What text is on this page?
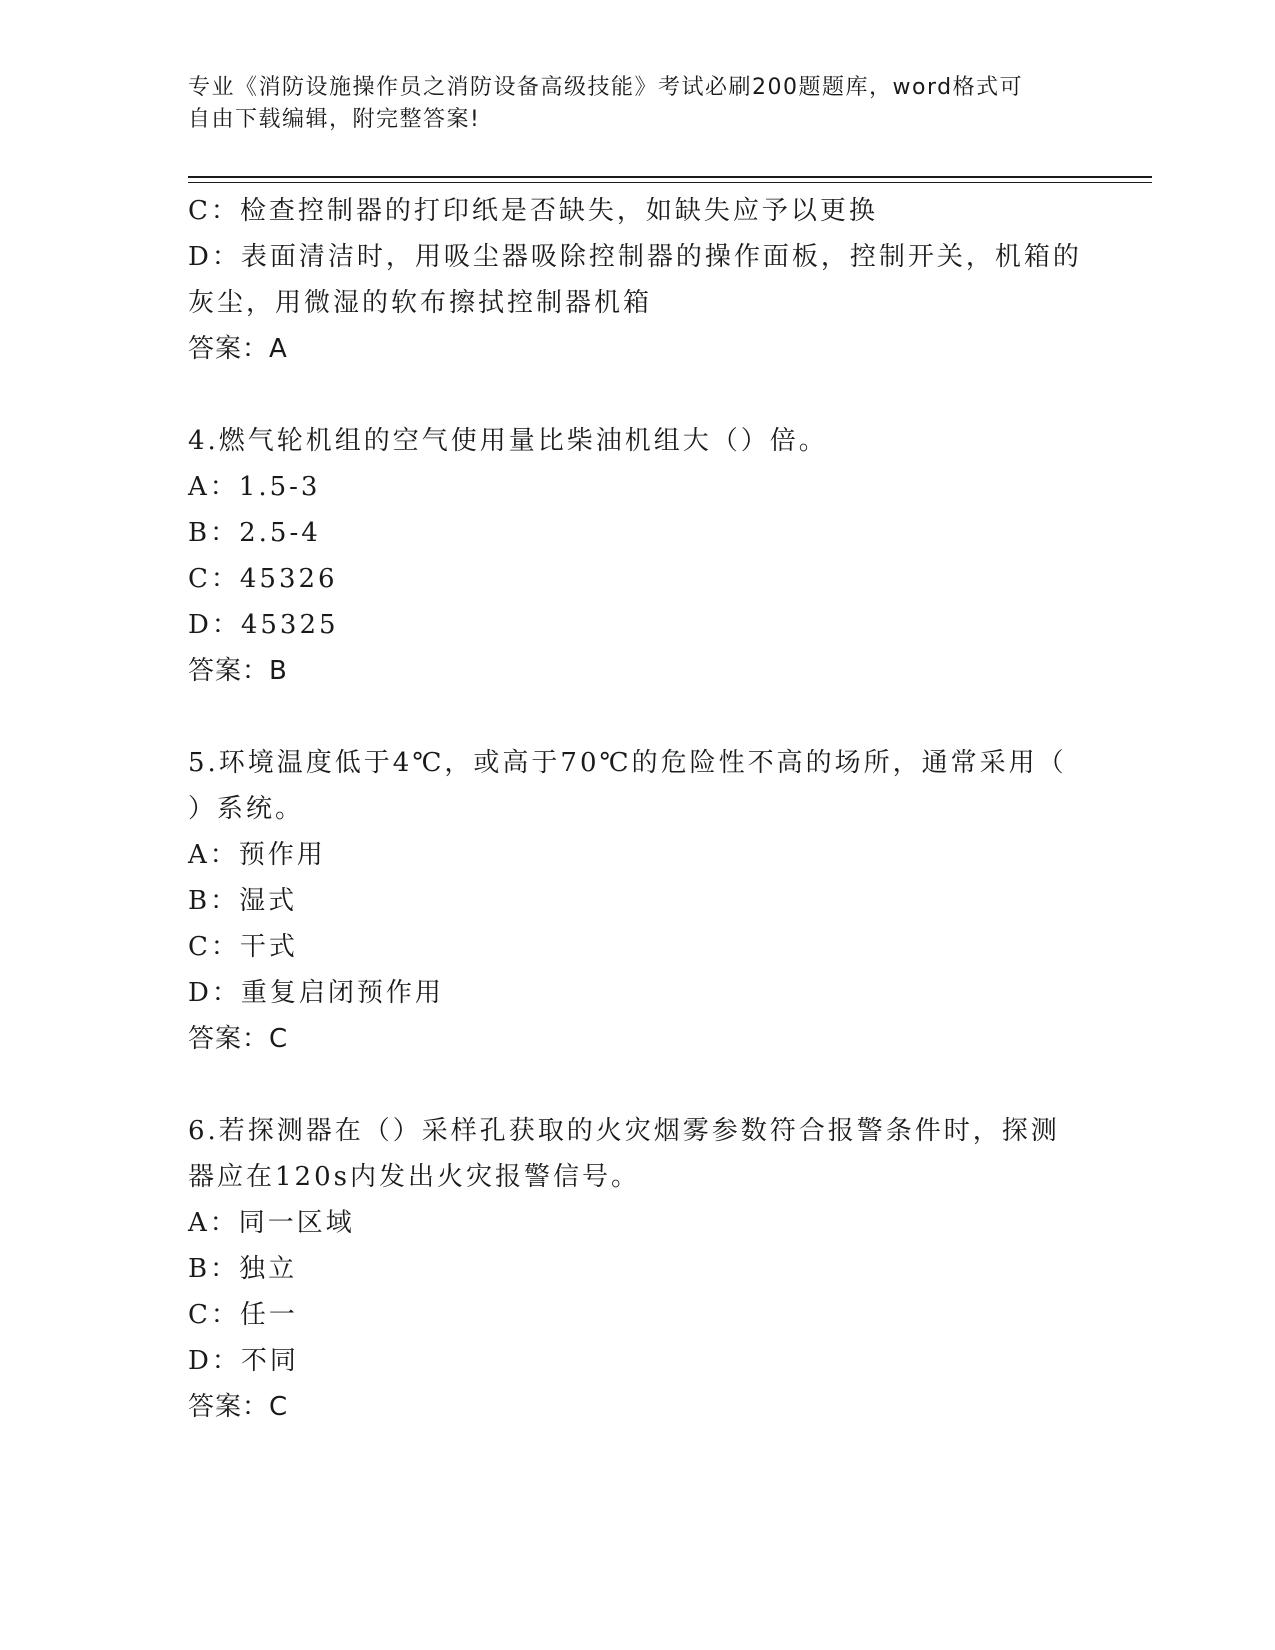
专业《消防设施操作员之消防设备高级技能》考试必刷200题题库，word格式可
自由下载编辑，附完整答案!
C：检查控制器的打印纸是否缺失，如缺失应予以更换
D：表面清洁时，用吸尘器吸除控制器的操作面板，控制开关，机箱的
灰尘，用微湿的软布擦拭控制器机箱
答案：A
4.燃气轮机组的空气使用量比柴油机组大（）倍。
A：1.5-3
B：2.5-4
C：45326
D：45325
答案：B
5.环境温度低于4℃，或高于70℃的危险性不高的场所，通常采用（
）系统。
A：预作用
B：湿式
C：干式
D：重复启闭预作用
答案：C
6.若探测器在（）采样孔获取的火灾烟雾参数符合报警条件时，探测
器应在120s内发出火灾报警信号。
A：同一区域
B：独立
C：任一
D：不同
答案：C
